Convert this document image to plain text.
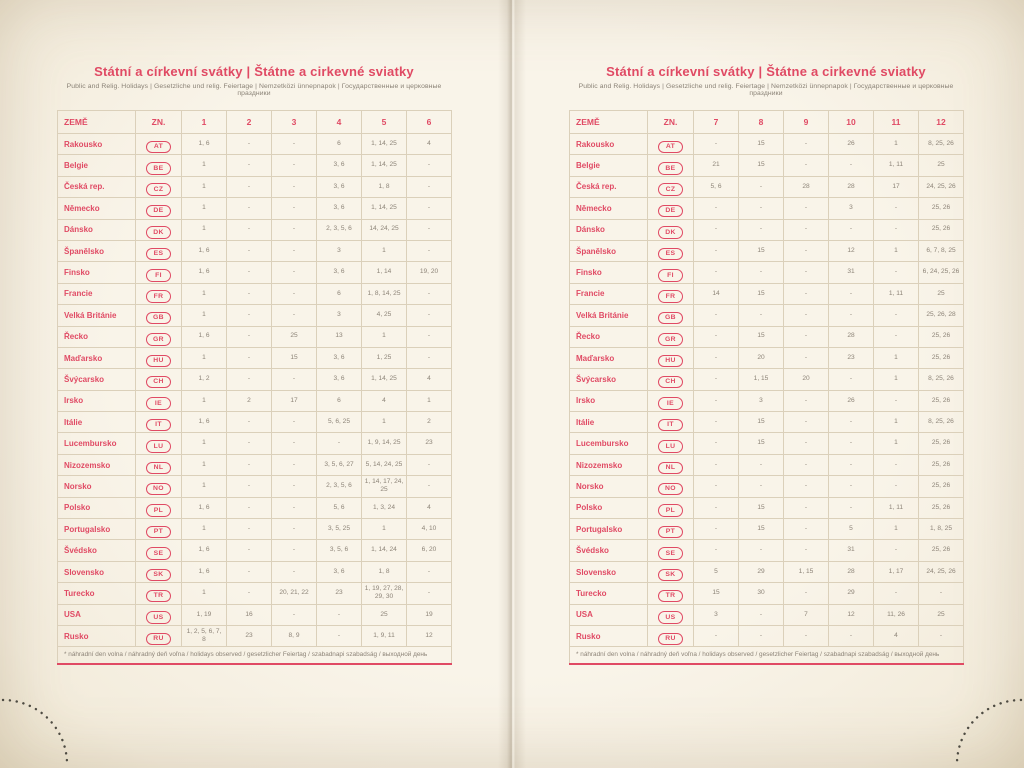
Státní a církevní svátky | Štátne a cirkevné sviatky

Public and Relig. Holidays | Gesetzliche und relig. Feiertage | Nemzetközi ünnepnapok | Государственные и церковные праздники

ZEMĚ	ZN.	1	2	3	4	5	6
Rakousko	AT	1, 6	-	-	6	1, 14, 25	4
Belgie	BE	1	-	-	3, 6	1, 14, 25	-
Česká rep.	CZ	1	-	-	3, 6	1, 8	-
Německo	DE	1	-	-	3, 6	1, 14, 25	-
Dánsko	DK	1	-	-	2, 3, 5, 6	14, 24, 25	-
Španělsko	ES	1, 6	-	-	3	1	-
Finsko	FI	1, 6	-	-	3, 6	1, 14	19, 20
Francie	FR	1	-	-	6	1, 8, 14, 25	-
Velká Británie	GB	1	-	-	3	4, 25	-
Řecko	GR	1, 6	-	25	13	1	-
Maďarsko	HU	1	-	15	3, 6	1, 25	-
Švýcarsko	CH	1, 2	-	-	3, 6	1, 14, 25	4
Irsko	IE	1	2	17	6	4	1
Itálie	IT	1, 6	-	-	5, 6, 25	1	2
Lucembursko	LU	1	-	-	-	1, 9, 14, 25	23
Nizozemsko	NL	1	-	-	3, 5, 6, 27	5, 14, 24, 25	-
Norsko	NO	1	-	-	2, 3, 5, 6	1, 14, 17, 24, 25	-
Polsko	PL	1, 6	-	-	5, 6	1, 3, 24	4
Portugalsko	PT	1	-	-	3, 5, 25	1	4, 10
Švédsko	SE	1, 6	-	-	3, 5, 6	1, 14, 24	6, 20
Slovensko	SK	1, 6	-	-	3, 6	1, 8	-
Turecko	TR	1	-	20, 21, 22	23	1, 19, 27, 28, 29, 30	-
USA	US	1, 19	16	-	-	25	19
Rusko	RU	1, 2, 5, 6, 7, 8	23	8, 9	-	1, 9, 11	12
* náhradní den volna / náhradný deň voľna / holidays observed / gesetzlicher Feiertag / szabadnapi szabadság / выходной день							
Státní a církevní svátky | Štátne a cirkevné sviatky

Public and Relig. Holidays | Gesetzliche und relig. Feiertage | Nemzetközi ünnepnapok | Государственные и церковные праздники

ZEMĚ	ZN.	7	8	9	10	11	12
Rakousko	AT	-	15	-	26	1	8, 25, 26
Belgie	BE	21	15	-	-	1, 11	25
Česká rep.	CZ	5, 6	-	28	28	17	24, 25, 26
Německo	DE	-	-	-	3	-	25, 26
Dánsko	DK	-	-	-	-	-	25, 26
Španělsko	ES	-	15	-	12	1	6, 7, 8, 25
Finsko	FI	-	-	-	31	-	6, 24, 25, 26
Francie	FR	14	15	-	-	1, 11	25
Velká Británie	GB	-	-	-	-	-	25, 26, 28
Řecko	GR	-	15	-	28	-	25, 26
Maďarsko	HU	-	20	-	23	1	25, 26
Švýcarsko	CH	-	1, 15	20	-	1	8, 25, 26
Irsko	IE	-	3	-	26	-	25, 26
Itálie	IT	-	15	-	-	1	8, 25, 26
Lucembursko	LU	-	15	-	-	1	25, 26
Nizozemsko	NL	-	-	-	-	-	25, 26
Norsko	NO	-	-	-	-	-	25, 26
Polsko	PL	-	15	-	-	1, 11	25, 26
Portugalsko	PT	-	15	-	5	1	1, 8, 25
Švédsko	SE	-	-	-	31	-	25, 26
Slovensko	SK	5	29	1, 15	28	1, 17	24, 25, 26
Turecko	TR	15	30	-	29	-	-
USA	US	3	-	7	12	11, 26	25
Rusko	RU	-	-	-	-	4	-
* náhradní den volna / náhradný deň voľna / holidays observed / gesetzlicher Feiertag / szabadnapi szabadság / выходной день							
